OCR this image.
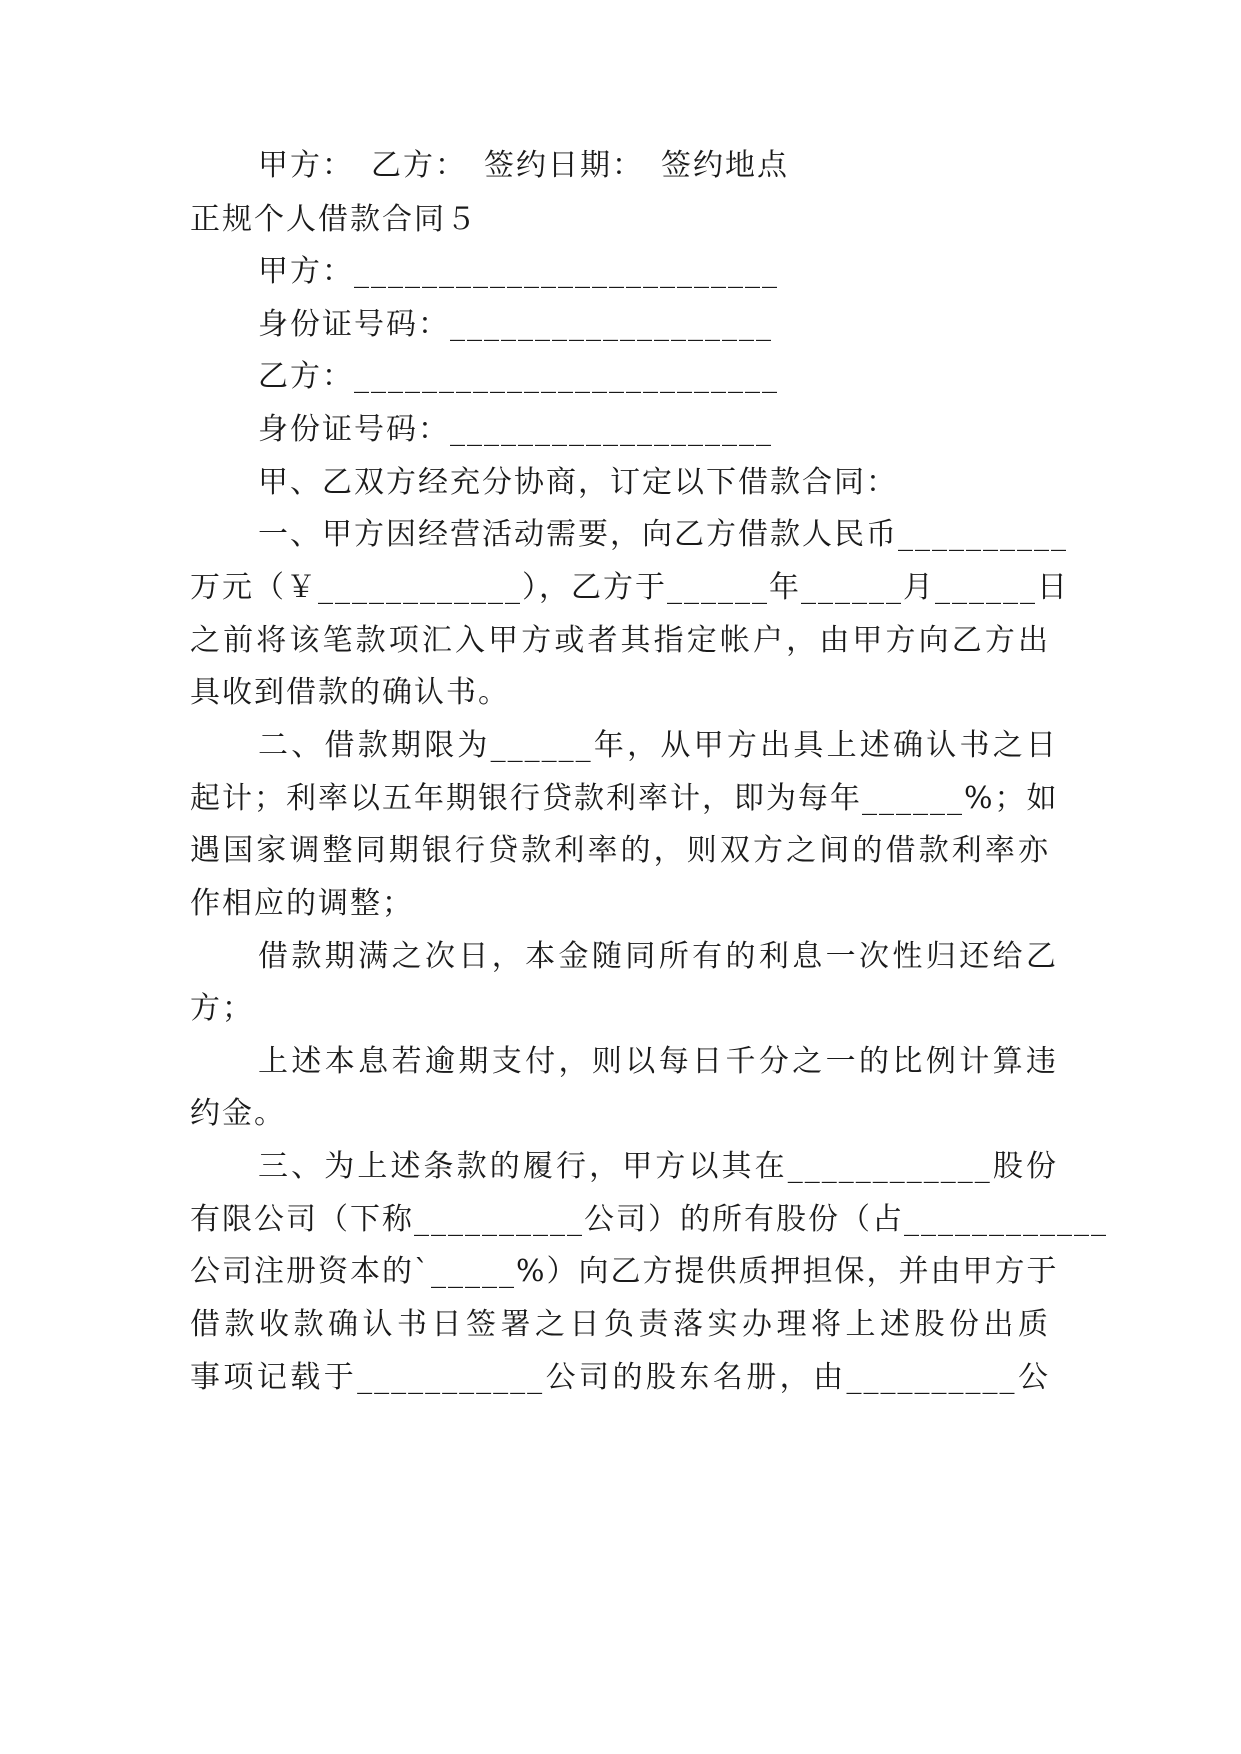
甲方：　乙方：　签约日期：　签约地点
正规个人借款合同５
甲方：_________________________
身份证号码：___________________
乙方：_________________________
身份证号码：___________________
甲、乙双方经充分协商，订定以下借款合同：
一、甲方因经营活动需要，向乙方借款人民币__________
万元（￥____________），乙方于______年______月______日
之前将该笔款项汇入甲方或者其指定帐户，由甲方向乙方出
具收到借款的确认书。
二、借款期限为______年，从甲方出具上述确认书之日
起计；利率以五年期银行贷款利率计，即为每年______%；如
遇国家调整同期银行贷款利率的，则双方之间的借款利率亦
作相应的调整；
借款期满之次日，本金随同所有的利息一次性归还给乙
方；
上述本息若逾期支付，则以每日千分之一的比例计算违
约金。
三、为上述条款的履行，甲方以其在____________股份
有限公司（下称__________公司）的所有股份（占____________
公司注册资本的`_____%）向乙方提供质押担保，并由甲方于
借款收款确认书日签署之日负责落实办理将上述股份出质
事项记载于___________公司的股东名册，由__________公
